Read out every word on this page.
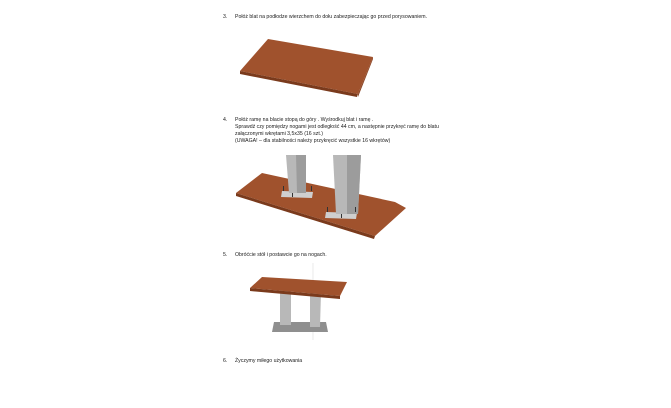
3. Połóż blat na podłodze wierzchem do dołu zabezpieczając go przed porysowaniem.
4. Połóż ramę na blacie stopą do góry . Wyśrodkuj blat i ramę .
Sprawdź czy pomiędzy nogami jest odległość 44 cm, a następnie przykręć ramę do blatu
załączonymi wkrętami 3,5x35 (16 szt.)
(UWAGA! – dla stabilności należy przykręcić wszystkie 16 wkrętów)
5. Obróćcie stół i postawcie go na nogach.
6. Życzymy miłego użytkowania
